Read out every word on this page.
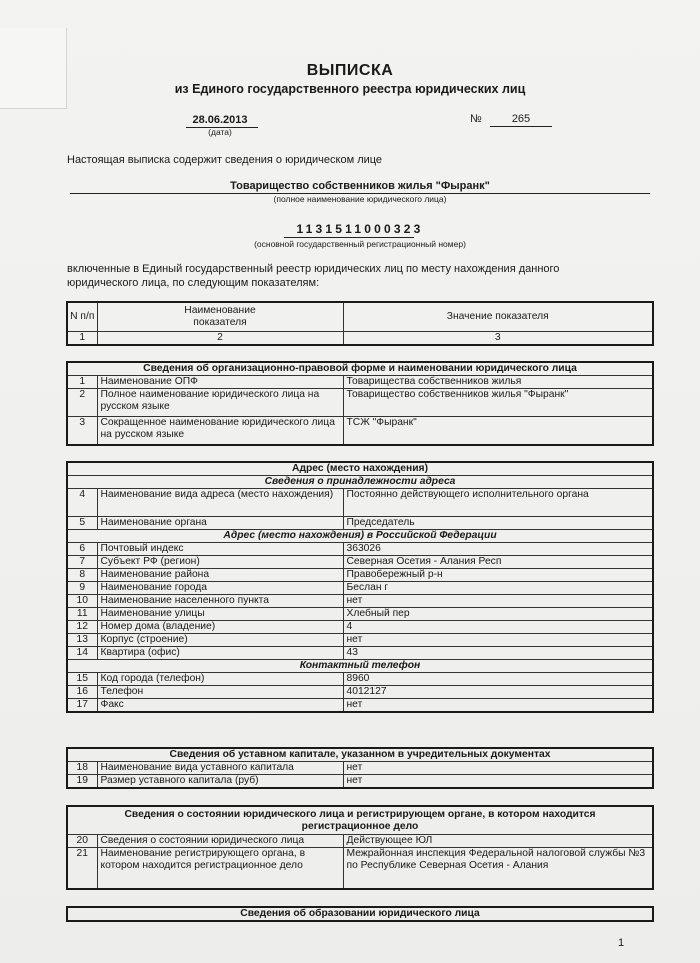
ВЫПИСКА
из Единого государственного реестра юридических лиц
28.06.2013
(дата)
№	265
Настоящая выписка содержит сведения о юридическом лице
Товарищество собственников жилья "Фыранк"
(полное наименование юридического лица)
1131511000323
(основной государственный регистрационный номер)
включенные в Единый государственный реестр юридических лиц по месту нахождения данного юридического лица, по следующим показателям:
N п/п	Наименование показателя	Значение показателя
1	2	3
Сведения об организационно-правовой форме и наименовании юридического лица		
1	Наименование ОПФ	Товарищества собственников жилья
2	Полное наименование юридического лица на русском языке	Товарищество собственников жилья "Фыранк"
3	Сокращенное наименование юридического лица на русском языке	ТСЖ "Фыранк"
Адрес (место нахождения)		
Сведения о принадлежности адреса		
4	Наименование вида адреса (место нахождения)	Постоянно действующего исполнительного органа
5	Наименование органа	Председатель
Адрес (место нахождения) в Российской Федерации		
6	Почтовый индекс	363026
7	Субъект РФ (регион)	Северная Осетия - Алания Респ
8	Наименование района	Правобережный р-н
9	Наименование города	Беслан г
10	Наименование населенного пункта	нет
11	Наименование улицы	Хлебный пер
12	Номер дома (владение)	4
13	Корпус (строение)	нет
14	Квартира (офис)	43
Контактный телефон		
15	Код города (телефон)	8960
16	Телефон	4012127
17	Факс	нет
Сведения об уставном капитале, указанном в учредительных документах		
18	Наименование вида уставного капитала	нет
19	Размер уставного капитала (руб)	нет
Сведения о состоянии юридического лица и регистрирующем органе, в котором находится регистрационное дело		
20	Сведения о состоянии юридического лица	Действующее ЮЛ
21	Наименование регистрирующего органа, в котором находится регистрационное дело	Межрайонная инспекция Федеральной налоговой службы №3 по Республике Северная Осетия - Алания
Сведения об образовании юридического лица
1
